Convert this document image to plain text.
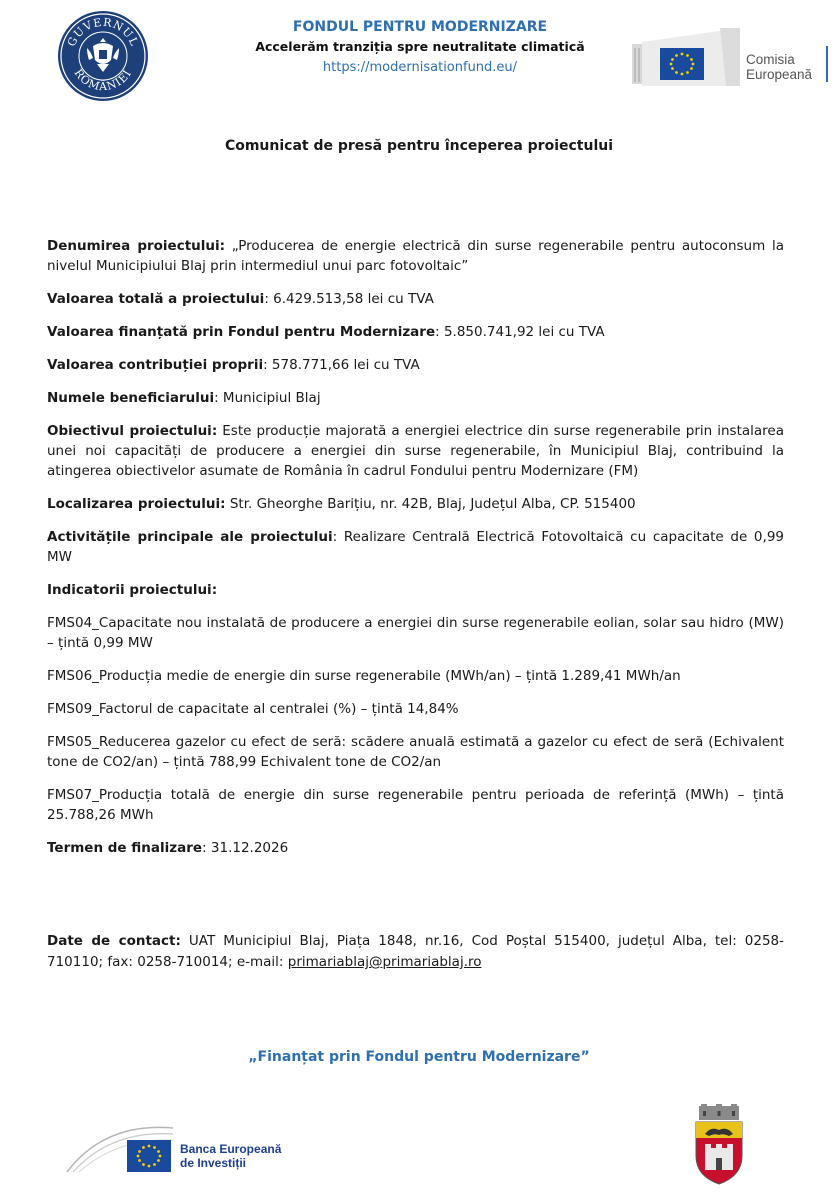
GUVERNUL
ROMÂNIEI
FONDUL PENTRU MODERNIZARE
Accelerăm tranziția spre neutralitate climatică
https://modernisationfund.eu/
Comisia
Europeană
Comunicat de presă pentru începerea proiectului

Denumirea proiectului: „Producerea de energie electrică din surse regenerabile pentru autoconsum la nivelul Municipiului Blaj prin intermediul unui parc fotovoltaic”

Valoarea totală a proiectului: 6.429.513,58 lei cu TVA

Valoarea finanțată prin Fondul pentru Modernizare: 5.850.741,92 lei cu TVA

Valoarea contribuției proprii: 578.771,66 lei cu TVA

Numele beneficiarului: Municipiul Blaj

Obiectivul proiectului: Este producție majorată a energiei electrice din surse regenerabile prin instalarea unei noi capacități de producere a energiei din surse regenerabile, în Municipiul Blaj, contribuind la atingerea obiectivelor asumate de România în cadrul Fondului pentru Modernizare (FM)

Localizarea proiectului: Str. Gheorghe Barițiu, nr. 42B, Blaj, Județul Alba, CP. 515400

Activitățile principale ale proiectului: Realizare Centrală Electrică Fotovoltaică cu capacitate de 0,99 MW

Indicatorii proiectului:

FMS04_Capacitate nou instalată de producere a energiei din surse regenerabile eolian, solar sau hidro (MW) – țintă 0,99 MW

FMS06_Producția medie de energie din surse regenerabile (MWh/an) – țintă 1.289,41 MWh/an

FMS09_Factorul de capacitate al centralei (%) – țintă 14,84%

FMS05_Reducerea gazelor cu efect de seră: scădere anuală estimată a gazelor cu efect de seră (Echivalent tone de CO2/an) – țintă 788,99 Echivalent tone de CO2/an

FMS07_Producția totală de energie din surse regenerabile pentru perioada de referință (MWh) – țintă 25.788,26 MWh

Termen de finalizare: 31.12.2026

Date de contact: UAT Municipiul Blaj, Piața 1848, nr.16, Cod Poștal 515400, județul Alba, tel: 0258-710110; fax: 0258-710014; e-mail: primariablaj@primariablaj.ro
„Finanțat prin Fondul pentru Modernizare”
Banca Europeană
de Investiții
